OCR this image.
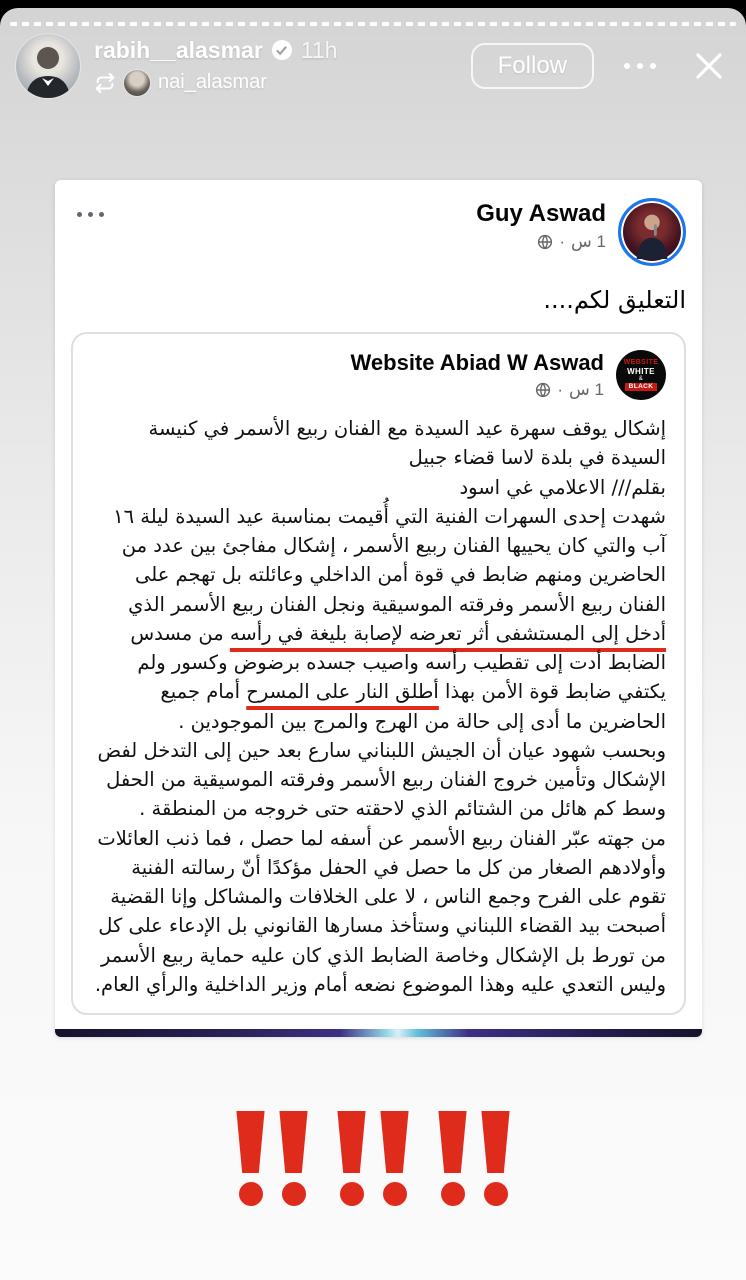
rabih__alasmar 11h
nai_alasmar
Follow
Guy Aswad
1 س
·
التعليق لكم....
WEBSITE
WHITE
&
BLACK
Website Abiad W Aswad
1 س
·
إشكال يوقف سهرة عيد السيدة مع الفنان ربيع الأسمر في كنيسة السيدة في بلدة لاسا قضاء جبيل
بقلم/// الاعلامي غي اسود
شهدت إحدى السهرات الفنية التي أُقيمت بمناسبة عيد السيدة ليلة ١٦ آب والتي كان يحييها الفنان ربيع الأسمر ، إشكال مفاجئ بين عدد من الحاضرين ومنهم ضابط في قوة أمن الداخلي وعائلته بل تهجم على الفنان ربيع الأسمر وفرقته الموسيقية ونجل الفنان ربيع الأسمر الذي أدخل إلى المستشفى أثر تعرضه لإصابة بليغة في رأسه من مسدس الضابط أدت إلى تقطيب رأسه واصيب جسده برضوض وكسور ولم يكتفي ضابط قوة الأمن بهذا أطلق النار على المسرح أمام جميع الحاضرين ما أدى إلى حالة من الهرج والمرج بين الموجودين .
وبحسب شهود عيان أن الجيش اللبناني سارع بعد حين إلى التدخل لفض الإشكال وتأمين خروج الفنان ربيع الأسمر وفرقته الموسيقية من الحفل وسط كم هائل من الشتائم الذي لاحقته حتى خروجه من المنطقة .
من جهته عبّر الفنان ربيع الأسمر عن أسفه لما حصل ، فما ذنب العائلات وأولادهم الصغار من كل ما حصل في الحفل مؤكدًا أنّ رسالته الفنية تقوم على الفرح وجمع الناس ، لا على الخلافات والمشاكل وإنا القضية أصبحت بيد القضاء اللبناني وستأخذ مسارها القانوني بل الإدعاء على كل من تورط بل الإشكال وخاصة الضابط الذي كان عليه حماية ربيع الأسمر وليس التعدي عليه وهذا الموضوع نضعه أمام وزير الداخلية والرأي العام.
